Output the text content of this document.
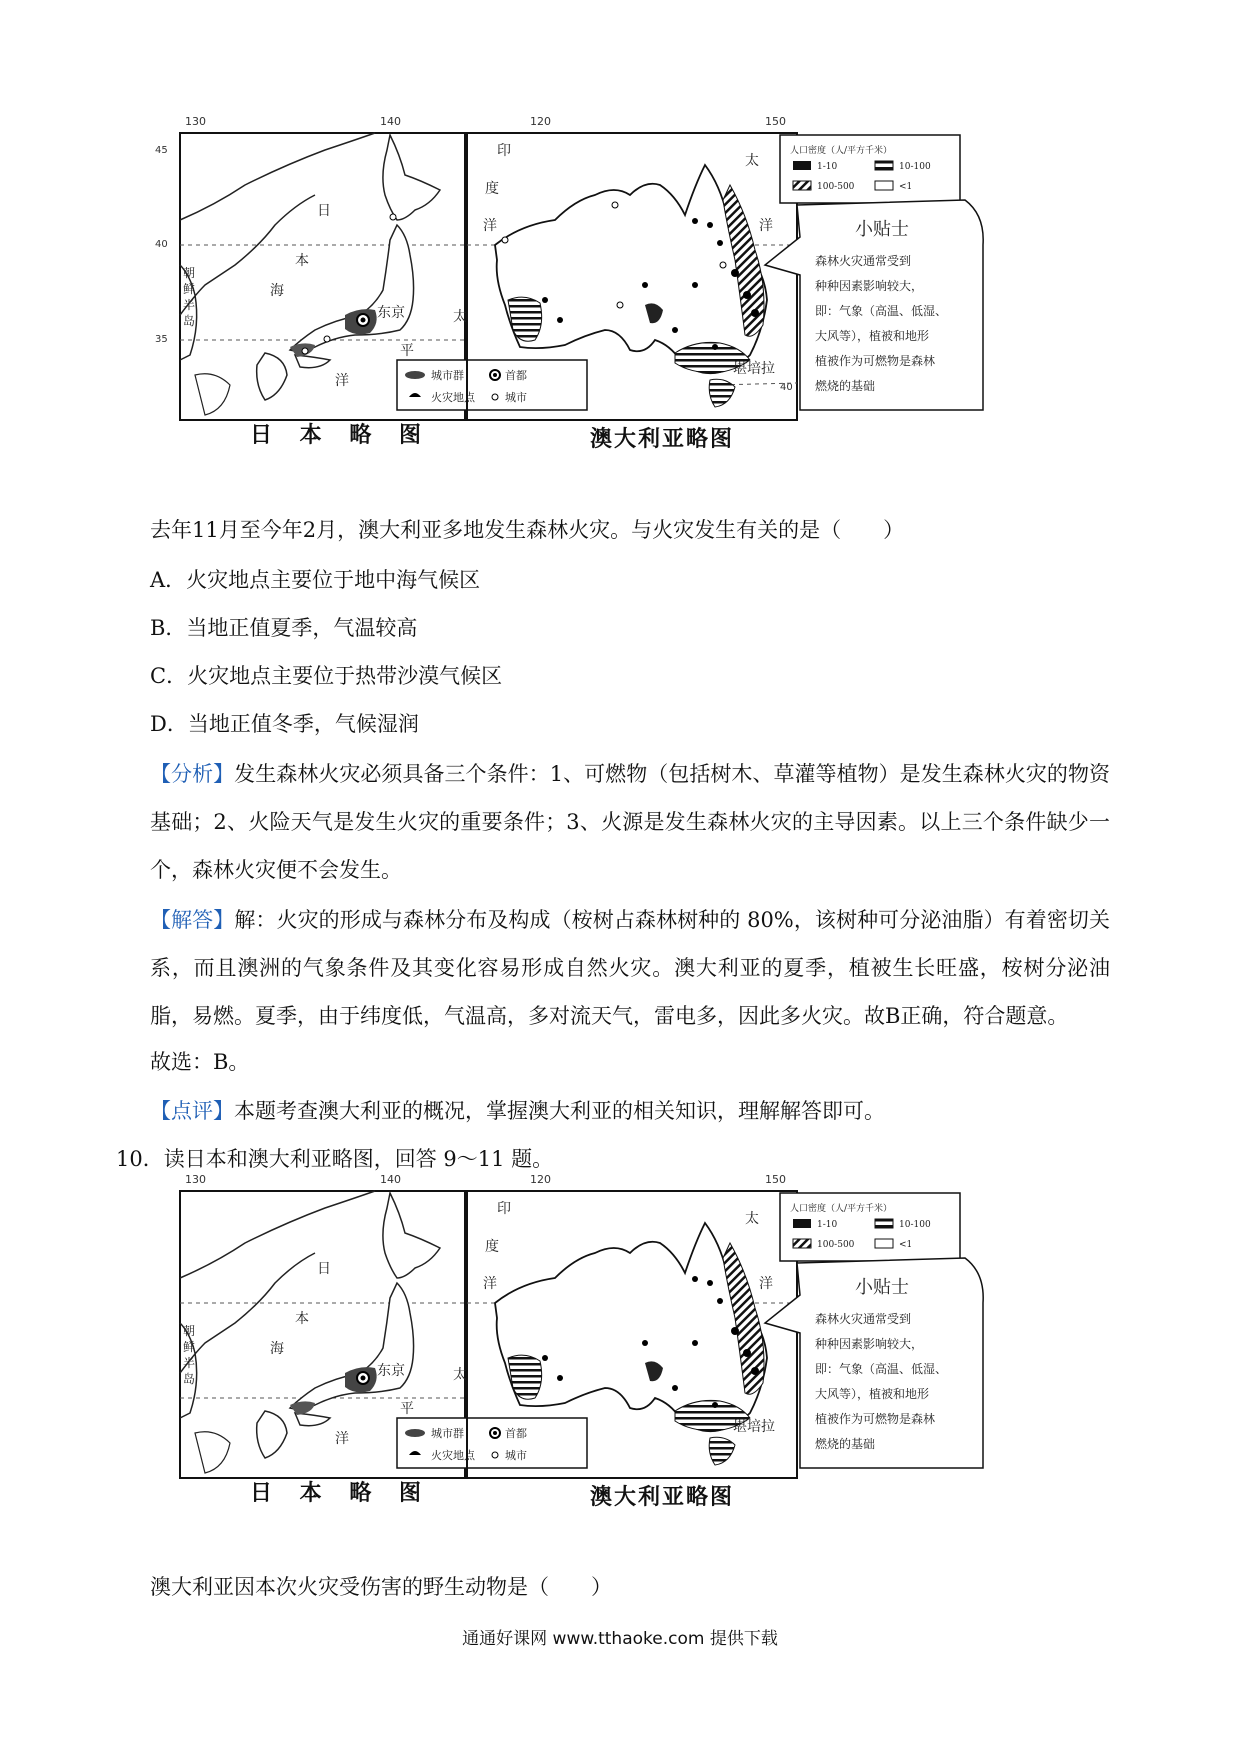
130	140
45
40
35
日
本
海
太
平
洋
朝
鲜
半
岛	东京
城市群	首都
火灾地点	城市
120	150
40
印
度
洋
太
洋
堪培拉
人口密度（人/平方千米）
1-10	10-100
100-500	<1
小贴士
森林火灾通常受到
种种因素影响较大，
即：气象（高温、低湿、
大风等），植被和地形
植被作为可燃物是森林
燃烧的基础
日 本 略 图	澳大利亚略图
去年11月至今年2月，澳大利亚多地发生森林火灾。与火灾发生有关的是（　　）
A．火灾地点主要位于地中海气候区
B．当地正值夏季，气温较高
C．火灾地点主要位于热带沙漠气候区
D．当地正值冬季，气候湿润
【分析】发生森林火灾必须具备三个条件：1、可燃物（包括树木、草灌等植物）是发生森林火灾的物资基础；2、火险天气是发生火灾的重要条件；3、火源是发生森林火灾的主导因素。以上三个条件缺少一个，森林火灾便不会发生。
【解答】解：火灾的形成与森林分布及构成（桉树占森林树种的 80%，该树种可分泌油脂）有着密切关系，而且澳洲的气象条件及其变化容易形成自然火灾。澳大利亚的夏季，植被生长旺盛，桉树分泌油脂，易燃。夏季，由于纬度低，气温高，多对流天气，雷电多，因此多火灾。故B正确，符合题意。
故选：B。
【点评】本题考查澳大利亚的概况，掌握澳大利亚的相关知识，理解解答即可。
10．读日本和澳大利亚略图，回答 9～11 题。
130	140
日
本
海
太
平
洋
朝
鲜
半
岛	东京
城市群	首都
火灾地点	城市
120	150
印
度
洋
太
洋
堪培拉
人口密度（人/平方千米）
1-10	10-100
100-500	<1
小贴士
森林火灾通常受到
种种因素影响较大，
即：气象（高温、低湿、
大风等），植被和地形
植被作为可燃物是森林
燃烧的基础
日 本 略 图	澳大利亚略图
澳大利亚因本次火灾受伤害的野生动物是（　　）
通通好课网 www.tthaoke.com 提供下载
